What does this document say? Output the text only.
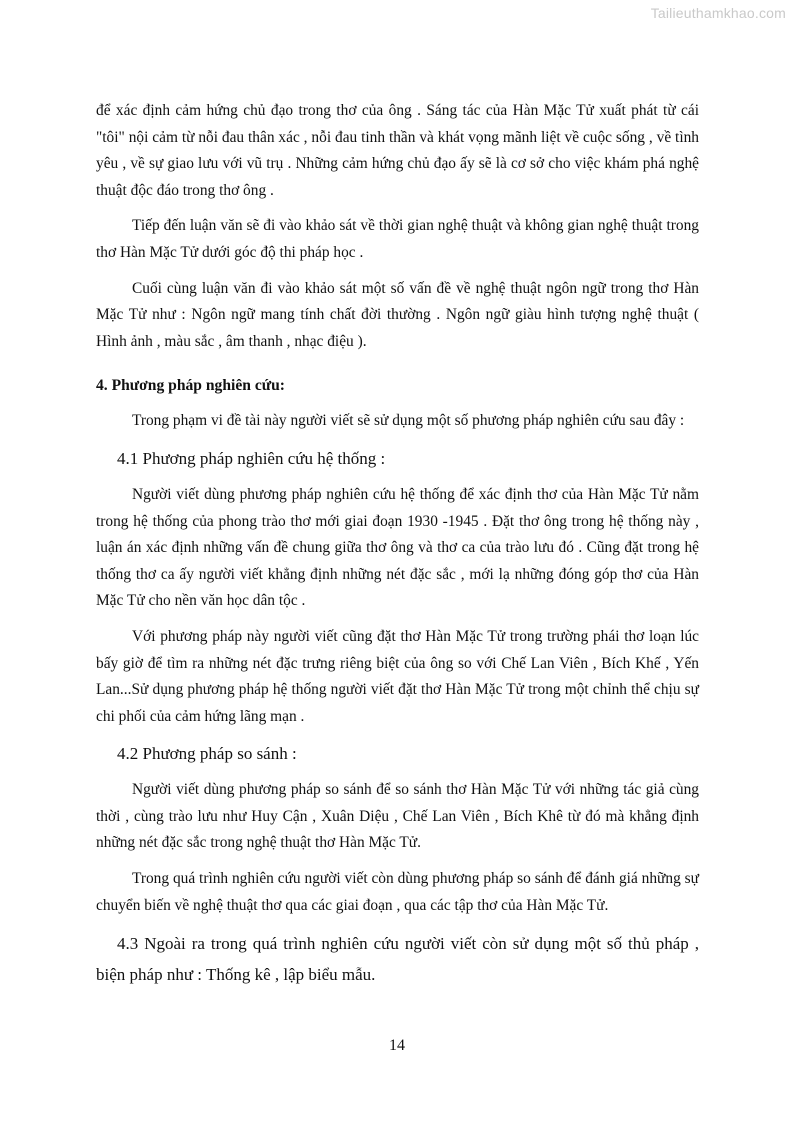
Tailieuthamkhao.com

để xác định cảm hứng chủ đạo trong thơ của ông . Sáng tác của Hàn Mặc Tử xuất phát từ cái "tôi" nội cảm từ nỗi đau thân xác , nỗi đau tinh thần và khát vọng mãnh liệt về cuộc sống , về tình yêu , về sự giao lưu với vũ trụ . Những cảm hứng chủ đạo ấy sẽ là cơ sở cho việc khám phá nghệ thuật độc đáo trong thơ ông .

Tiếp đến luận văn sẽ đi vào khảo sát về thời gian nghệ thuật và không gian nghệ thuật trong thơ Hàn Mặc Tử dưới góc độ thi pháp học .

Cuối cùng luận văn đi vào khảo sát một số vấn đề về nghệ thuật ngôn ngữ trong thơ Hàn Mặc Tử như : Ngôn ngữ mang tính chất đời thường . Ngôn ngữ giàu hình tượng nghệ thuật ( Hình ảnh , màu sắc , âm thanh , nhạc điệu ).

4. Phương pháp nghiên cứu:

Trong phạm vi đề tài này người viết sẽ sử dụng một số phương pháp nghiên cứu sau đây :

4.1 Phương pháp nghiên cứu hệ thống :

Người viết dùng phương pháp nghiên cứu hệ thống để xác định thơ của Hàn Mặc Tử nằm trong hệ thống của phong trào thơ mới giai đoạn 1930 -1945 . Đặt thơ ông trong hệ thống này , luận án xác định những vấn đề chung giữa thơ ông và thơ ca của trào lưu đó . Cũng đặt trong hệ thống thơ ca ấy người viết khẳng định những nét đặc sắc , mới lạ những đóng góp thơ của Hàn Mặc Tử cho nền văn học dân tộc .

Với phương pháp này người viết cũng đặt thơ Hàn Mặc Tử trong trường phái thơ loạn lúc bấy giờ để tìm ra những nét đặc trưng riêng biệt của ông so với Chế Lan Viên , Bích Khế , Yến Lan...Sử dụng phương pháp hệ thống người viết đặt thơ Hàn Mặc Tử trong một chỉnh thể chịu sự chi phối của cảm hứng lãng mạn .

4.2 Phương pháp so sánh :

Người viết dùng phương pháp so sánh để so sánh thơ Hàn Mặc Tử với những tác giả cùng thời , cùng trào lưu như Huy Cận , Xuân Diệu , Chế Lan Viên , Bích Khê từ đó mà khẳng định những nét đặc sắc trong nghệ thuật thơ Hàn Mặc Tử.

Trong quá trình nghiên cứu người viết còn dùng phương pháp so sánh để đánh giá những sự chuyển biến về nghệ thuật thơ qua các giai đoạn , qua các tập thơ của Hàn Mặc Tử.

4.3 Ngoài ra trong quá trình nghiên cứu người viết còn sử dụng một số thủ pháp , biện pháp như : Thống kê , lập biểu mẫu.

14
